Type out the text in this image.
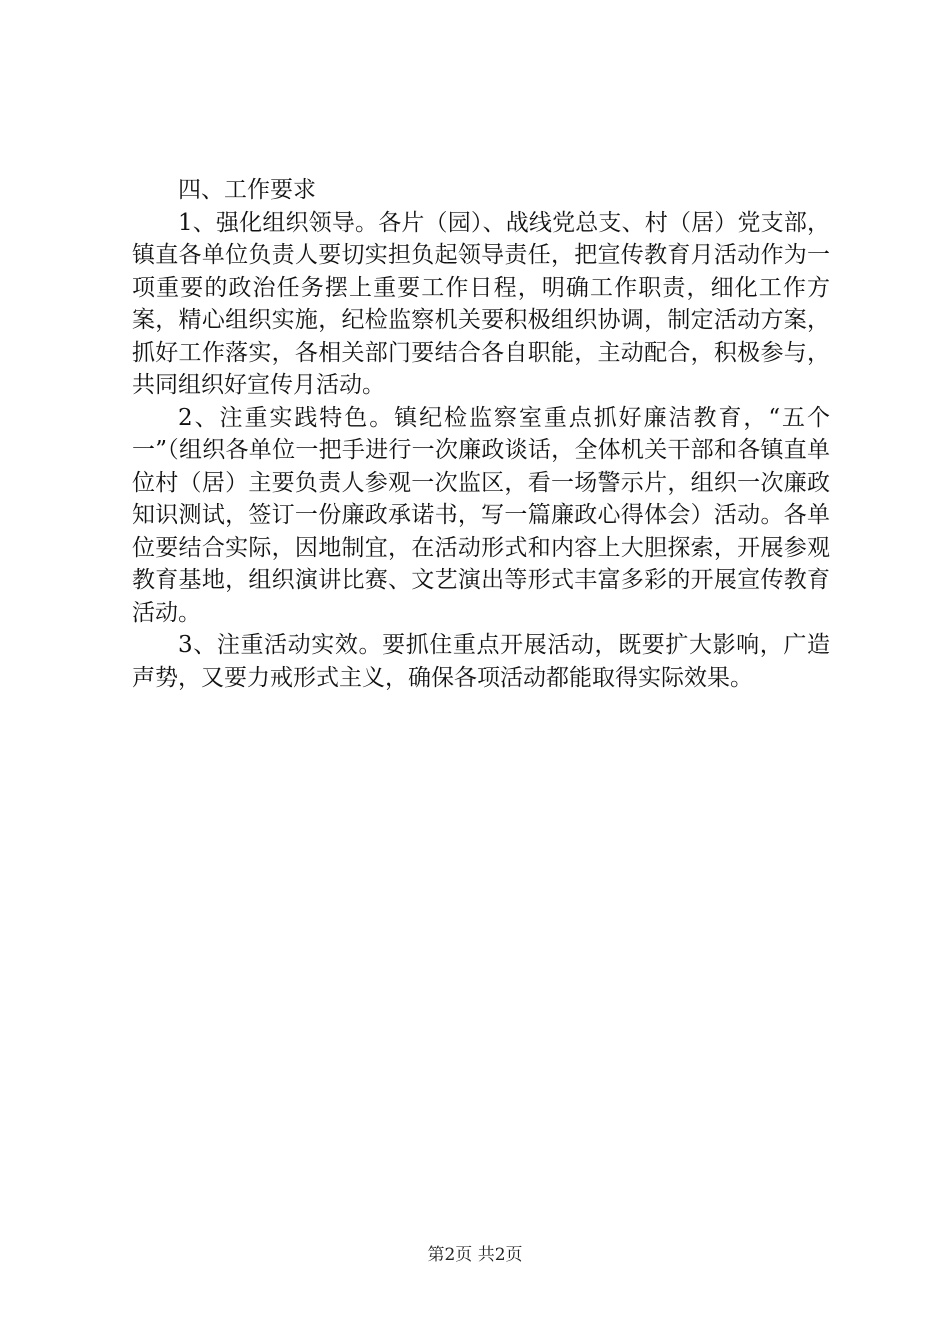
四、工作要求

1、强化组织领导。各片（园）、战线党总支、村（居）党支部，镇直各单位负责人要切实担负起领导责任，把宣传教育月活动作为一项重要的政治任务摆上重要工作日程，明确工作职责，细化工作方案，精心组织实施，纪检监察机关要积极组织协调，制定活动方案，抓好工作落实，各相关部门要结合各自职能，主动配合，积极参与，共同组织好宣传月活动。

2、注重实践特色。镇纪检监察室重点抓好廉洁教育，“五个一”（组织各单位一把手进行一次廉政谈话，全体机关干部和各镇直单位村（居）主要负责人参观一次监区，看一场警示片，组织一次廉政知识测试，签订一份廉政承诺书，写一篇廉政心得体会）活动。各单位要结合实际，因地制宜，在活动形式和内容上大胆探索，开展参观教育基地，组织演讲比赛、文艺演出等形式丰富多彩的开展宣传教育活动。

3、注重活动实效。要抓住重点开展活动，既要扩大影响，广造声势，又要力戒形式主义，确保各项活动都能取得实际效果。

第2页 共2页
